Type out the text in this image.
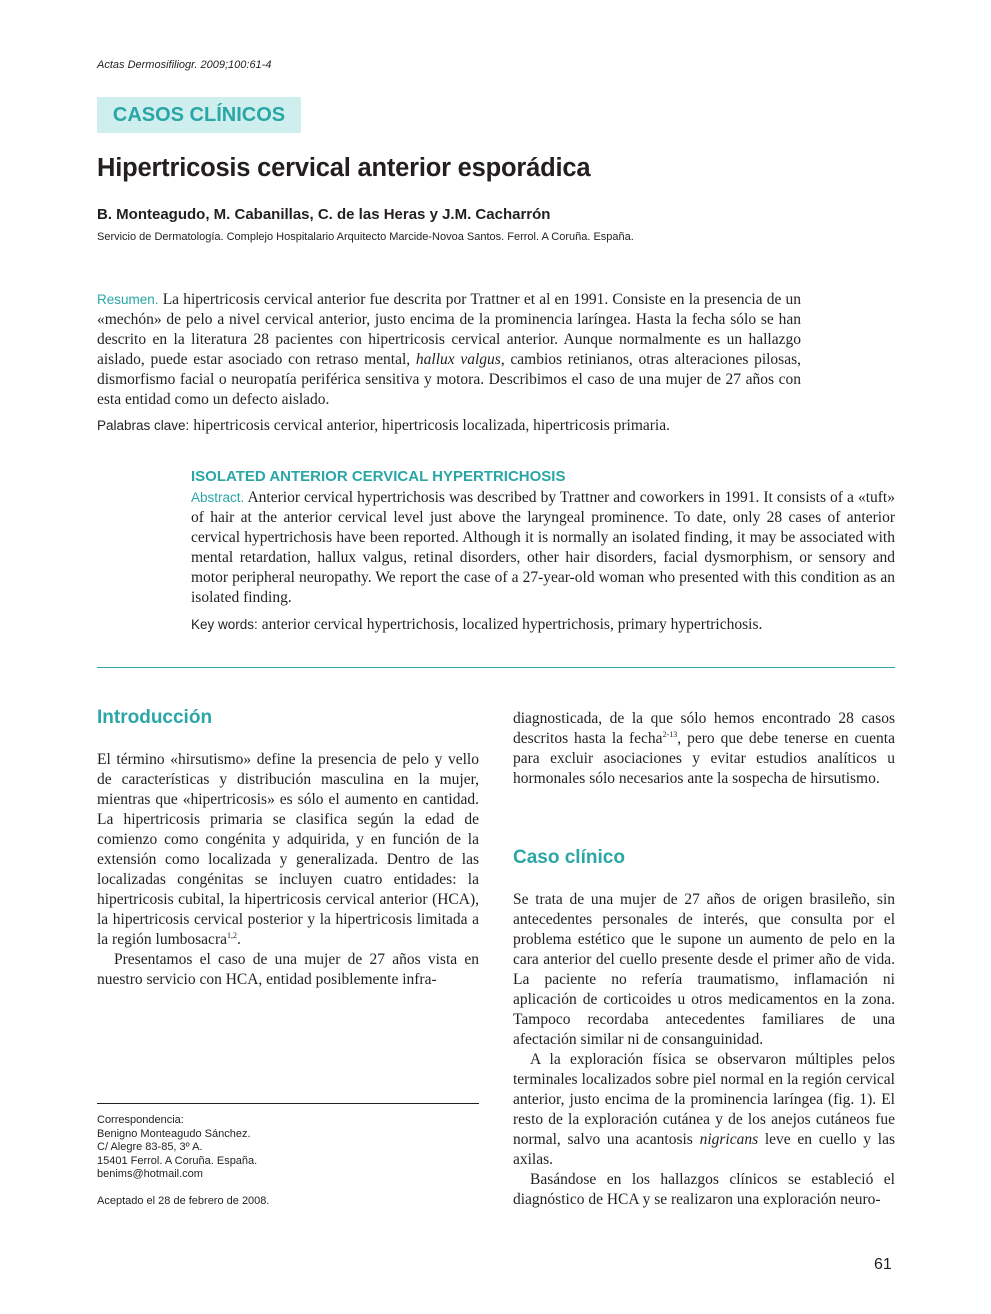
Actas Dermosifiliogr. 2009;100:61-4
CASOS CLÍNICOS
Hipertricosis cervical anterior esporádica
B. Monteagudo, M. Cabanillas, C. de las Heras y J.M. Cacharrón
Servicio de Dermatología. Complejo Hospitalario Arquitecto Marcide-Novoa Santos. Ferrol. A Coruña. España.
Resumen. La hipertricosis cervical anterior fue descrita por Trattner et al en 1991. Consiste en la presencia de un «mechón» de pelo a nivel cervical anterior, justo encima de la prominencia laríngea. Hasta la fecha sólo se han descrito en la literatura 28 pacientes con hipertricosis cervical anterior. Aunque normalmente es un hallazgo aislado, puede estar asociado con retraso mental, hallux valgus, cambios retinianos, otras alteraciones pilosas, dismorfismo facial o neuropatía periférica sensitiva y motora. Describimos el caso de una mujer de 27 años con esta entidad como un defecto aislado.
Palabras clave: hipertricosis cervical anterior, hipertricosis localizada, hipertricosis primaria.
ISOLATED ANTERIOR CERVICAL HYPERTRICHOSIS
Abstract. Anterior cervical hypertrichosis was described by Trattner and coworkers in 1991. It consists of a «tuft» of hair at the anterior cervical level just above the laryngeal prominence. To date, only 28 cases of anterior cervical hypertrichosis have been reported. Although it is normally an isolated finding, it may be associated with mental retardation, hallux valgus, retinal disorders, other hair disorders, facial dysmorphism, or sensory and motor peripheral neuropathy. We report the case of a 27-year-old woman who presented with this condition as an isolated finding.
Key words: anterior cervical hypertrichosis, localized hypertrichosis, primary hypertrichosis.
Introducción

El término «hirsutismo» define la presencia de pelo y vello de características y distribución masculina en la mujer, mientras que «hipertricosis» es sólo el aumento en cantidad. La hipertricosis primaria se clasifica según la edad de comienzo como congénita y adquirida, y en función de la extensión como localizada y generalizada. Dentro de las localizadas congénitas se incluyen cuatro entidades: la hipertricosis cubital, la hipertricosis cervical anterior (HCA), la hipertricosis cervical posterior y la hipertricosis limitada a la región lumbosacra$^{1,2}$.

Presentamos el caso de una mujer de 27 años vista en nuestro servicio con HCA, entidad posiblemente infra-

Caso clínico

Se trata de una mujer de 27 años de origen brasileño, sin antecedentes personales de interés, que consulta por el problema estético que le supone un aumento de pelo en la cara anterior del cuello presente desde el primer año de vida. La paciente no refería traumatismo, inflamación ni aplicación de corticoides u otros medicamentos en la zona. Tampoco recordaba antecedentes familiares de una afectación similar ni de consanguinidad.

A la exploración física se observaron múltiples pelos terminales localizados sobre piel normal en la región cervical anterior, justo encima de la prominencia laríngea (fig. 1). El resto de la exploración cutánea y de los anejos cutáneos fue normal, salvo una acantosis nigricans leve en cuello y las axilas.

Basándose en los hallazgos clínicos se estableció el diagnóstico de HCA y se realizaron una exploración neuro-

Correspondencia:
Benigno Monteagudo Sánchez.
C/ Alegre 83-85, 3º A.
15401 Ferrol. A Coruña. España.
benims@hotmail.com
Aceptado el 28 de febrero de 2008.
61

diagnosticada, de la que sólo hemos encontrado 28 casos descritos hasta la fecha$^{2-13}$, pero que debe tenerse en cuenta para excluir asociaciones y evitar estudios analíticos u hormonales sólo necesarios ante la sospecha de hirsutismo.
